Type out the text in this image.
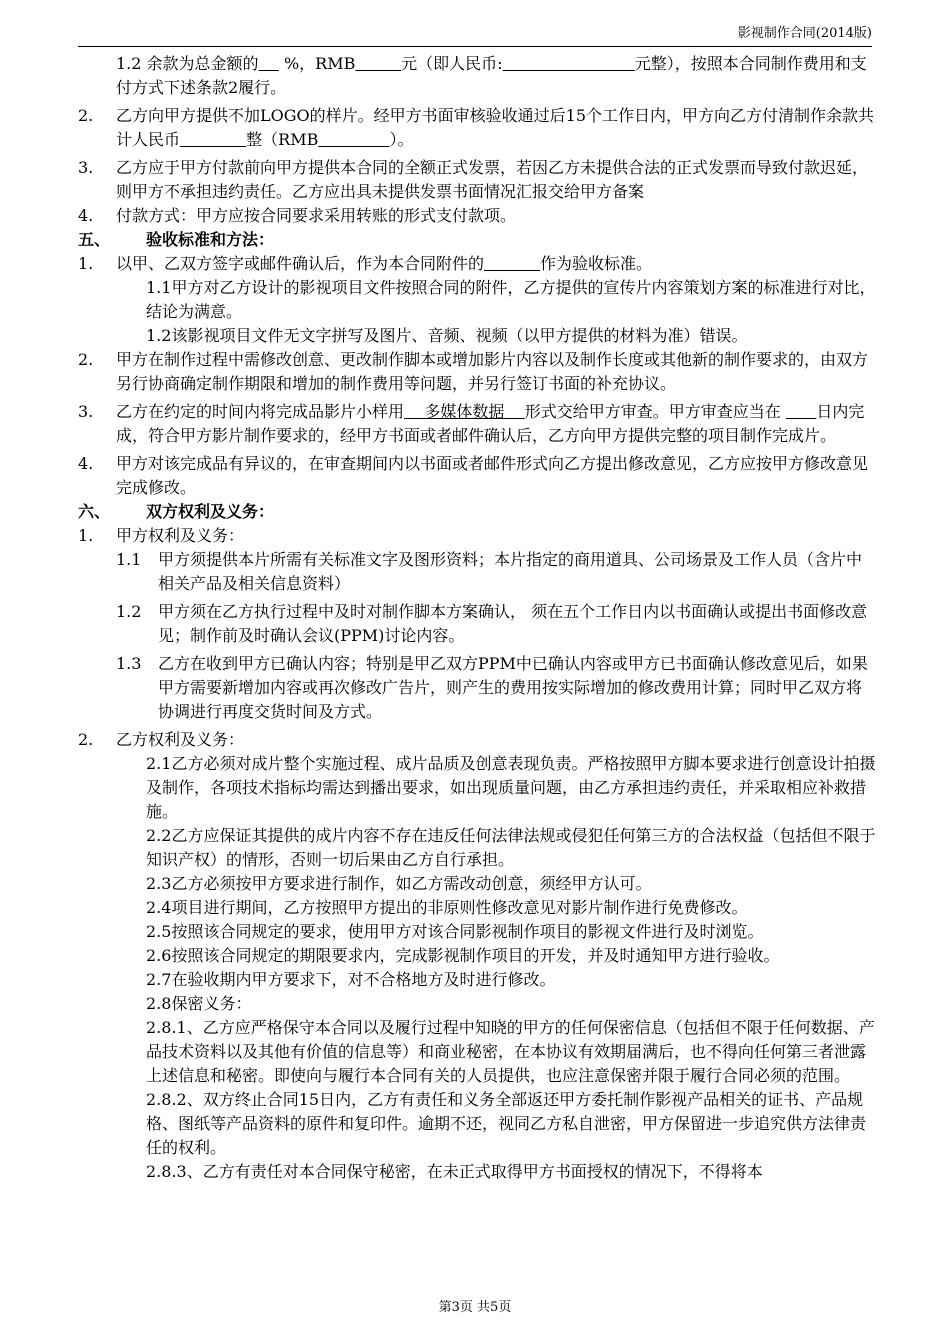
影视制作合同(2014版)

1.2 余款为总金额的     %，RMB	元（即人民币:	元整），按照本合同制作费用和支付方式下述条款2履行。

2. 乙方向甲方提供不加LOGO的样片。经甲方书面审核验收通过后15个工作日内，甲方向乙方付清制作余款共计人民币	整（RMB	）。

3. 乙方应于甲方付款前向甲方提供本合同的全额正式发票，若因乙方未提供合法的正式发票而导致付款迟延，则甲方不承担违约责任。乙方应出具未提供发票书面情况汇报交给甲方备案

4. 付款方式：甲方应按合同要求采用转账的形式支付款项。

五、 验收标准和方法：

1. 以甲、乙双方签字或邮件确认后，作为本合同附件的	作为验收标准。

1.1甲方对乙方设计的影视项目文件按照合同的附件，乙方提供的宣传片内容策划方案的标准进行对比，结论为满意。

1.2该影视项目文件无文字拼写及图片、音频、视频（以甲方提供的材料为准）错误。

2. 甲方在制作过程中需修改创意、更改制作脚本或增加影片内容以及制作长度或其他新的制作要求的，由双方另行协商确定制作期限和增加的制作费用等问题，并另行签订书面的补充协议。

3. 乙方在约定的时间内将完成品影片小样用    多媒体数据    形式交给甲方审查。甲方审查应当在       日内完成，符合甲方影片制作要求的，经甲方书面或者邮件确认后，乙方向甲方提供完整的项目制作完成片。

4. 甲方对该完成品有异议的，在审查期间内以书面或者邮件形式向乙方提出修改意见，乙方应按甲方修改意见完成修改。

六、 双方权利及义务：

1. 甲方权利及义务：

1.1 甲方须提供本片所需有关标准文字及图形资料；本片指定的商用道具、公司场景及工作人员（含片中相关产品及相关信息资料）

1.2 甲方须在乙方执行过程中及时对制作脚本方案确认， 须在五个工作日内以书面确认或提出书面修改意见；制作前及时确认会议(PPM)讨论内容。

1.3 乙方在收到甲方已确认内容；特别是甲乙双方PPM中已确认内容或甲方已书面确认修改意见后，如果甲方需要新增加内容或再次修改广告片，则产生的费用按实际增加的修改费用计算；同时甲乙双方将协调进行再度交货时间及方式。

2. 乙方权利及义务：

2.1乙方必须对成片整个实施过程、成片品质及创意表现负责。严格按照甲方脚本要求进行创意设计拍摄及制作，各项技术指标均需达到播出要求，如出现质量问题，由乙方承担违约责任，并采取相应补救措施。

2.2乙方应保证其提供的成片内容不存在违反任何法律法规或侵犯任何第三方的合法权益（包括但不限于知识产权）的情形，否则一切后果由乙方自行承担。

2.3乙方必须按甲方要求进行制作，如乙方需改动创意，须经甲方认可。

2.4项目进行期间，乙方按照甲方提出的非原则性修改意见对影片制作进行免费修改。

2.5按照该合同规定的要求，使用甲方对该合同影视制作项目的影视文件进行及时浏览。

2.6按照该合同规定的期限要求内，完成影视制作项目的开发，并及时通知甲方进行验收。

2.7在验收期内甲方要求下，对不合格地方及时进行修改。

2.8保密义务：

2.8.1、乙方应严格保守本合同以及履行过程中知晓的甲方的任何保密信息（包括但不限于任何数据、产品技术资料以及其他有价值的信息等）和商业秘密，在本协议有效期届满后，也不得向任何第三者泄露上述信息和秘密。即使向与履行本合同有关的人员提供，也应注意保密并限于履行合同必须的范围。

2.8.2、双方终止合同15日内，乙方有责任和义务全部返还甲方委托制作影视产品相关的证书、产品规格、图纸等产品资料的原件和复印件。逾期不还，视同乙方私自泄密，甲方保留进一步追究供方法律责任的权利。

2.8.3、乙方有责任对本合同保守秘密，在未正式取得甲方书面授权的情况下，不得将本

第3页 共5页
